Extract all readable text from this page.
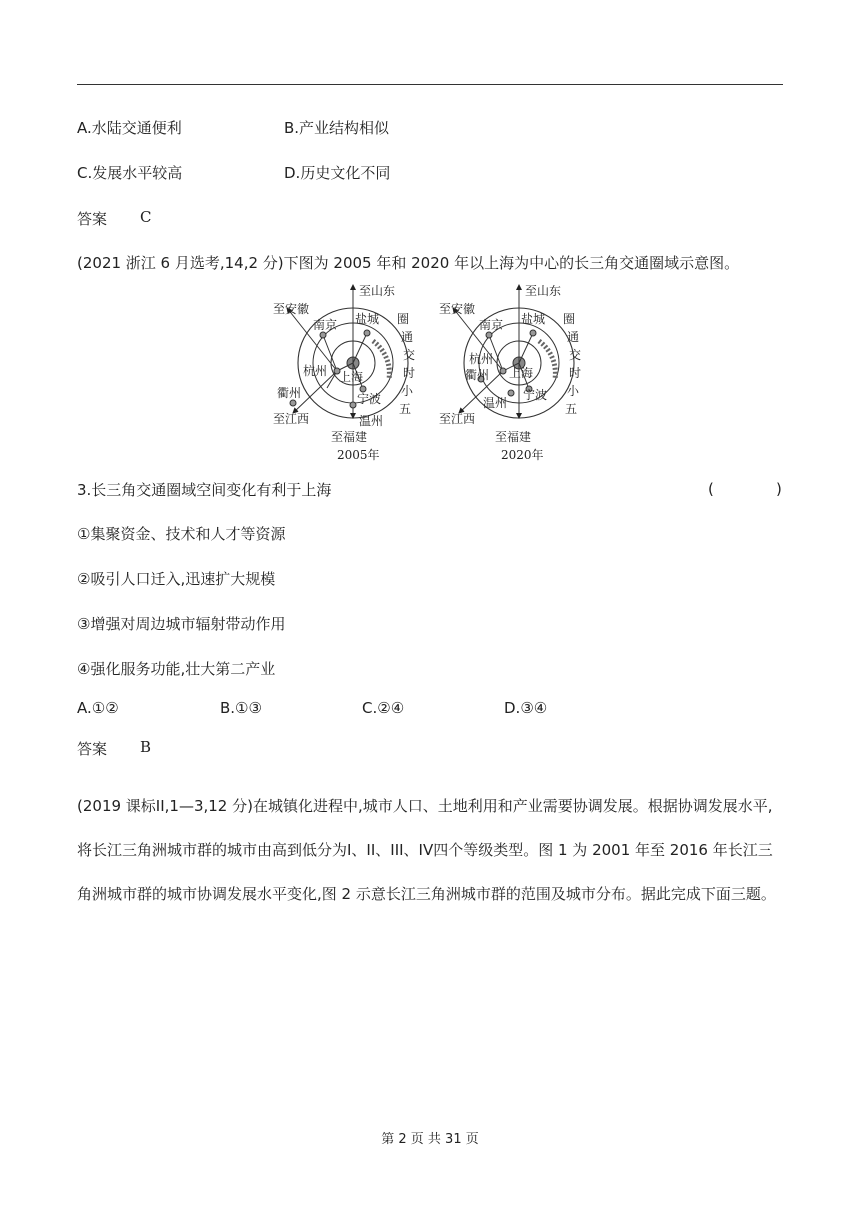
A.水陆交通便利	B.产业结构相似
C.发展水平较高	D.历史文化不同
答案 C
(2021 浙江 6 月选考,14,2 分)下图为 2005 年和 2020 年以上海为中心的长三角交通圈域示意图。
至安徽
至山东
南京 盐城
杭州 上海
衢州	宁波
温州
至江西
至福建
2005年
圈
通
交
时
小
五
至安徽
至山东
南京 盐城
杭州
上海
衢州
宁波
温州
至江西
至福建
2020年
圈
通
交
时
小
五
3.长三角交通圈域空间变化有利于上海	(	)
①集聚资金、技术和人才等资源
②吸引人口迁入,迅速扩大规模
③增强对周边城市辐射带动作用
④强化服务功能,壮大第二产业
A.①②	B.①③	C.②④	D.③④
答案 B
(2019 课标II,1—3,12 分)在城镇化进程中,城市人口、土地利用和产业需要协调发展。根据协调发展水平,将长江三角洲城市群的城市由高到低分为I、II、III、IV四个等级类型。图 1 为 2001 年至 2016 年长江三角洲城市群的城市协调发展水平变化,图 2 示意长江三角洲城市群的范围及城市分布。据此完成下面三题。
第 2 页 共 31 页
